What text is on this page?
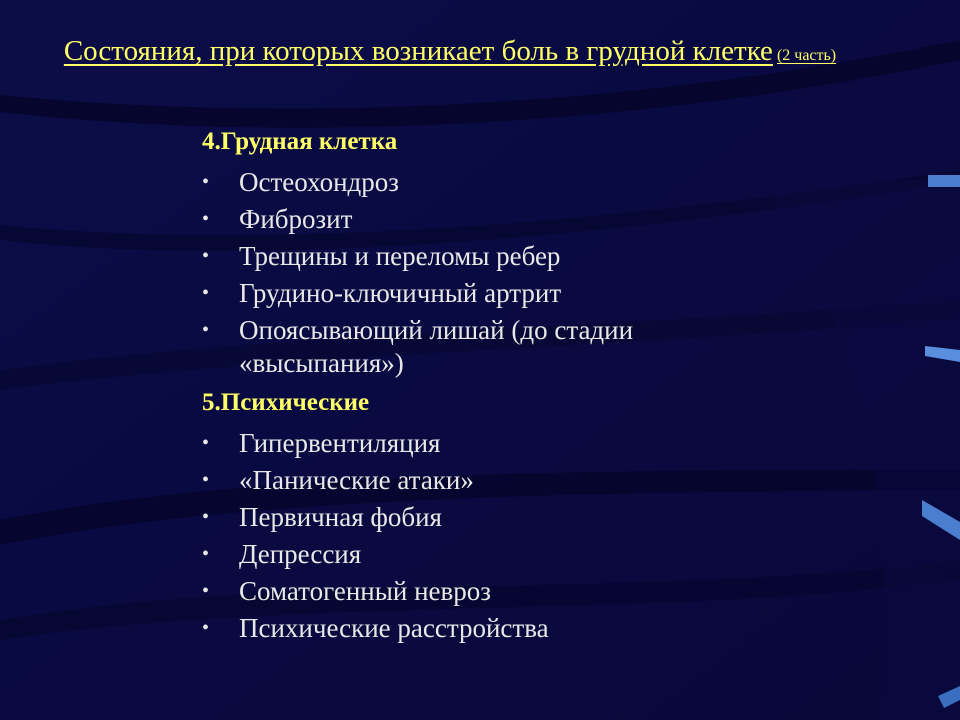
Состояния, при которых возникает боль в грудной клетке (2 часть)
4.Грудная клетка
• Остеохондроз
• Фиброзит
• Трещины и переломы ребер
• Грудино-ключичный артрит
• Опоясывающий лишай (до стадии «высыпания»)
5.Психические
• Гипервентиляция
• «Панические атаки»
• Первичная фобия
• Депрессия
• Соматогенный невроз
• Психические расстройства
